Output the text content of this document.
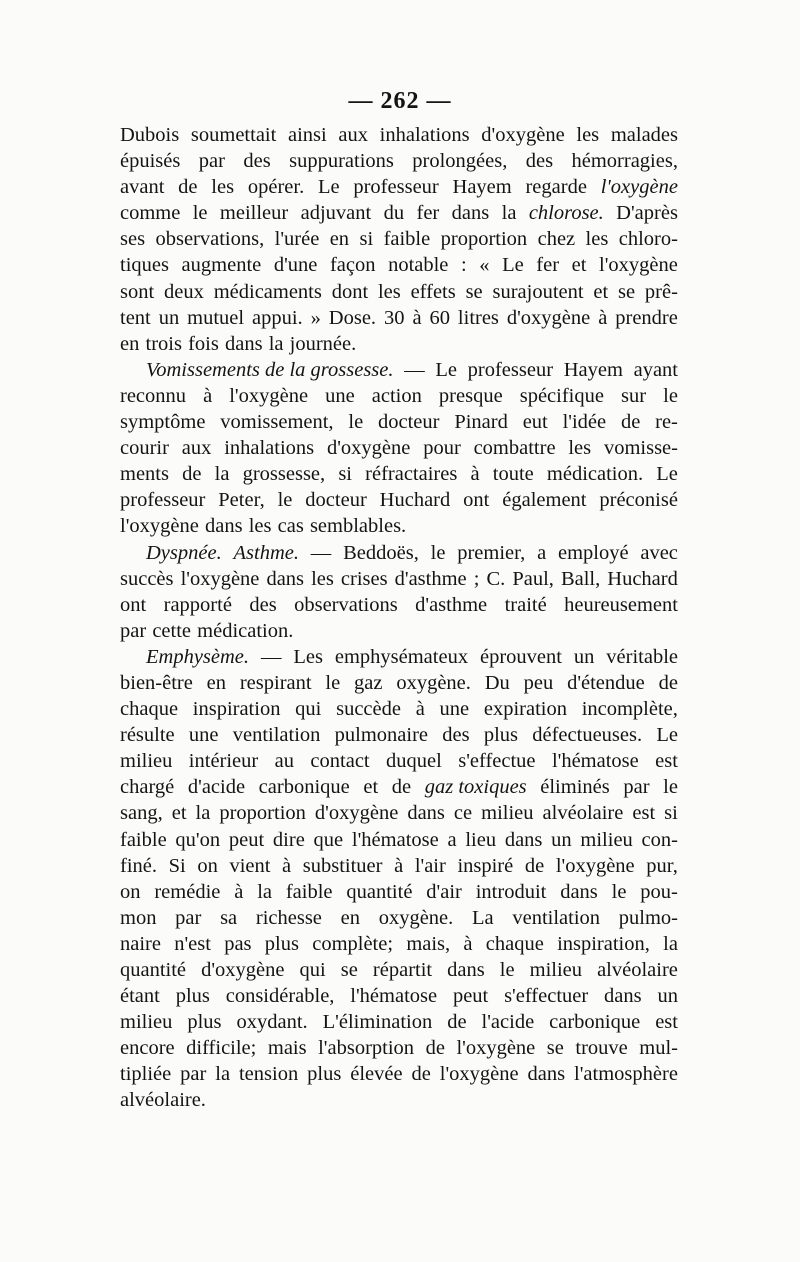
— 262 —
Dubois soumettait ainsi aux inhalations d'oxygène les malades
épuisés par des suppurations prolongées, des hémorragies,
avant de les opérer. Le professeur Hayem regarde l'oxygène
comme le meilleur adjuvant du fer dans la chlorose. D'après
ses observations, l'urée en si faible proportion chez les chloro-
tiques augmente d'une façon notable : « Le fer et l'oxygène
sont deux médicaments dont les effets se surajoutent et se prê-
tent un mutuel appui. » Dose. 30 à 60 litres d'oxygène à prendre
en trois fois dans la journée.
Vomissements de la grossesse. — Le professeur Hayem ayant
reconnu à l'oxygène une action presque spécifique sur le
symptôme vomissement, le docteur Pinard eut l'idée de re-
courir aux inhalations d'oxygène pour combattre les vomisse-
ments de la grossesse, si réfractaires à toute médication. Le
professeur Peter, le docteur Huchard ont également préconisé
l'oxygène dans les cas semblables.
Dyspnée. Asthme. — Beddoës, le premier, a employé avec
succès l'oxygène dans les crises d'asthme ; C. Paul, Ball, Huchard
ont rapporté des observations d'asthme traité heureusement
par cette médication.
Emphysème. — Les emphysémateux éprouvent un véritable
bien-être en respirant le gaz oxygène. Du peu d'étendue de
chaque inspiration qui succède à une expiration incomplète,
résulte une ventilation pulmonaire des plus défectueuses. Le
milieu intérieur au contact duquel s'effectue l'hématose est
chargé d'acide carbonique et de gaz toxiques éliminés par le
sang, et la proportion d'oxygène dans ce milieu alvéolaire est si
faible qu'on peut dire que l'hématose a lieu dans un milieu con-
finé. Si on vient à substituer à l'air inspiré de l'oxygène pur,
on remédie à la faible quantité d'air introduit dans le pou-
mon par sa richesse en oxygène. La ventilation pulmo-
naire n'est pas plus complète; mais, à chaque inspiration, la
quantité d'oxygène qui se répartit dans le milieu alvéolaire
étant plus considérable, l'hématose peut s'effectuer dans un
milieu plus oxydant. L'élimination de l'acide carbonique est
encore difficile; mais l'absorption de l'oxygène se trouve mul-
tipliée par la tension plus élevée de l'oxygène dans l'atmosphère
alvéolaire.
